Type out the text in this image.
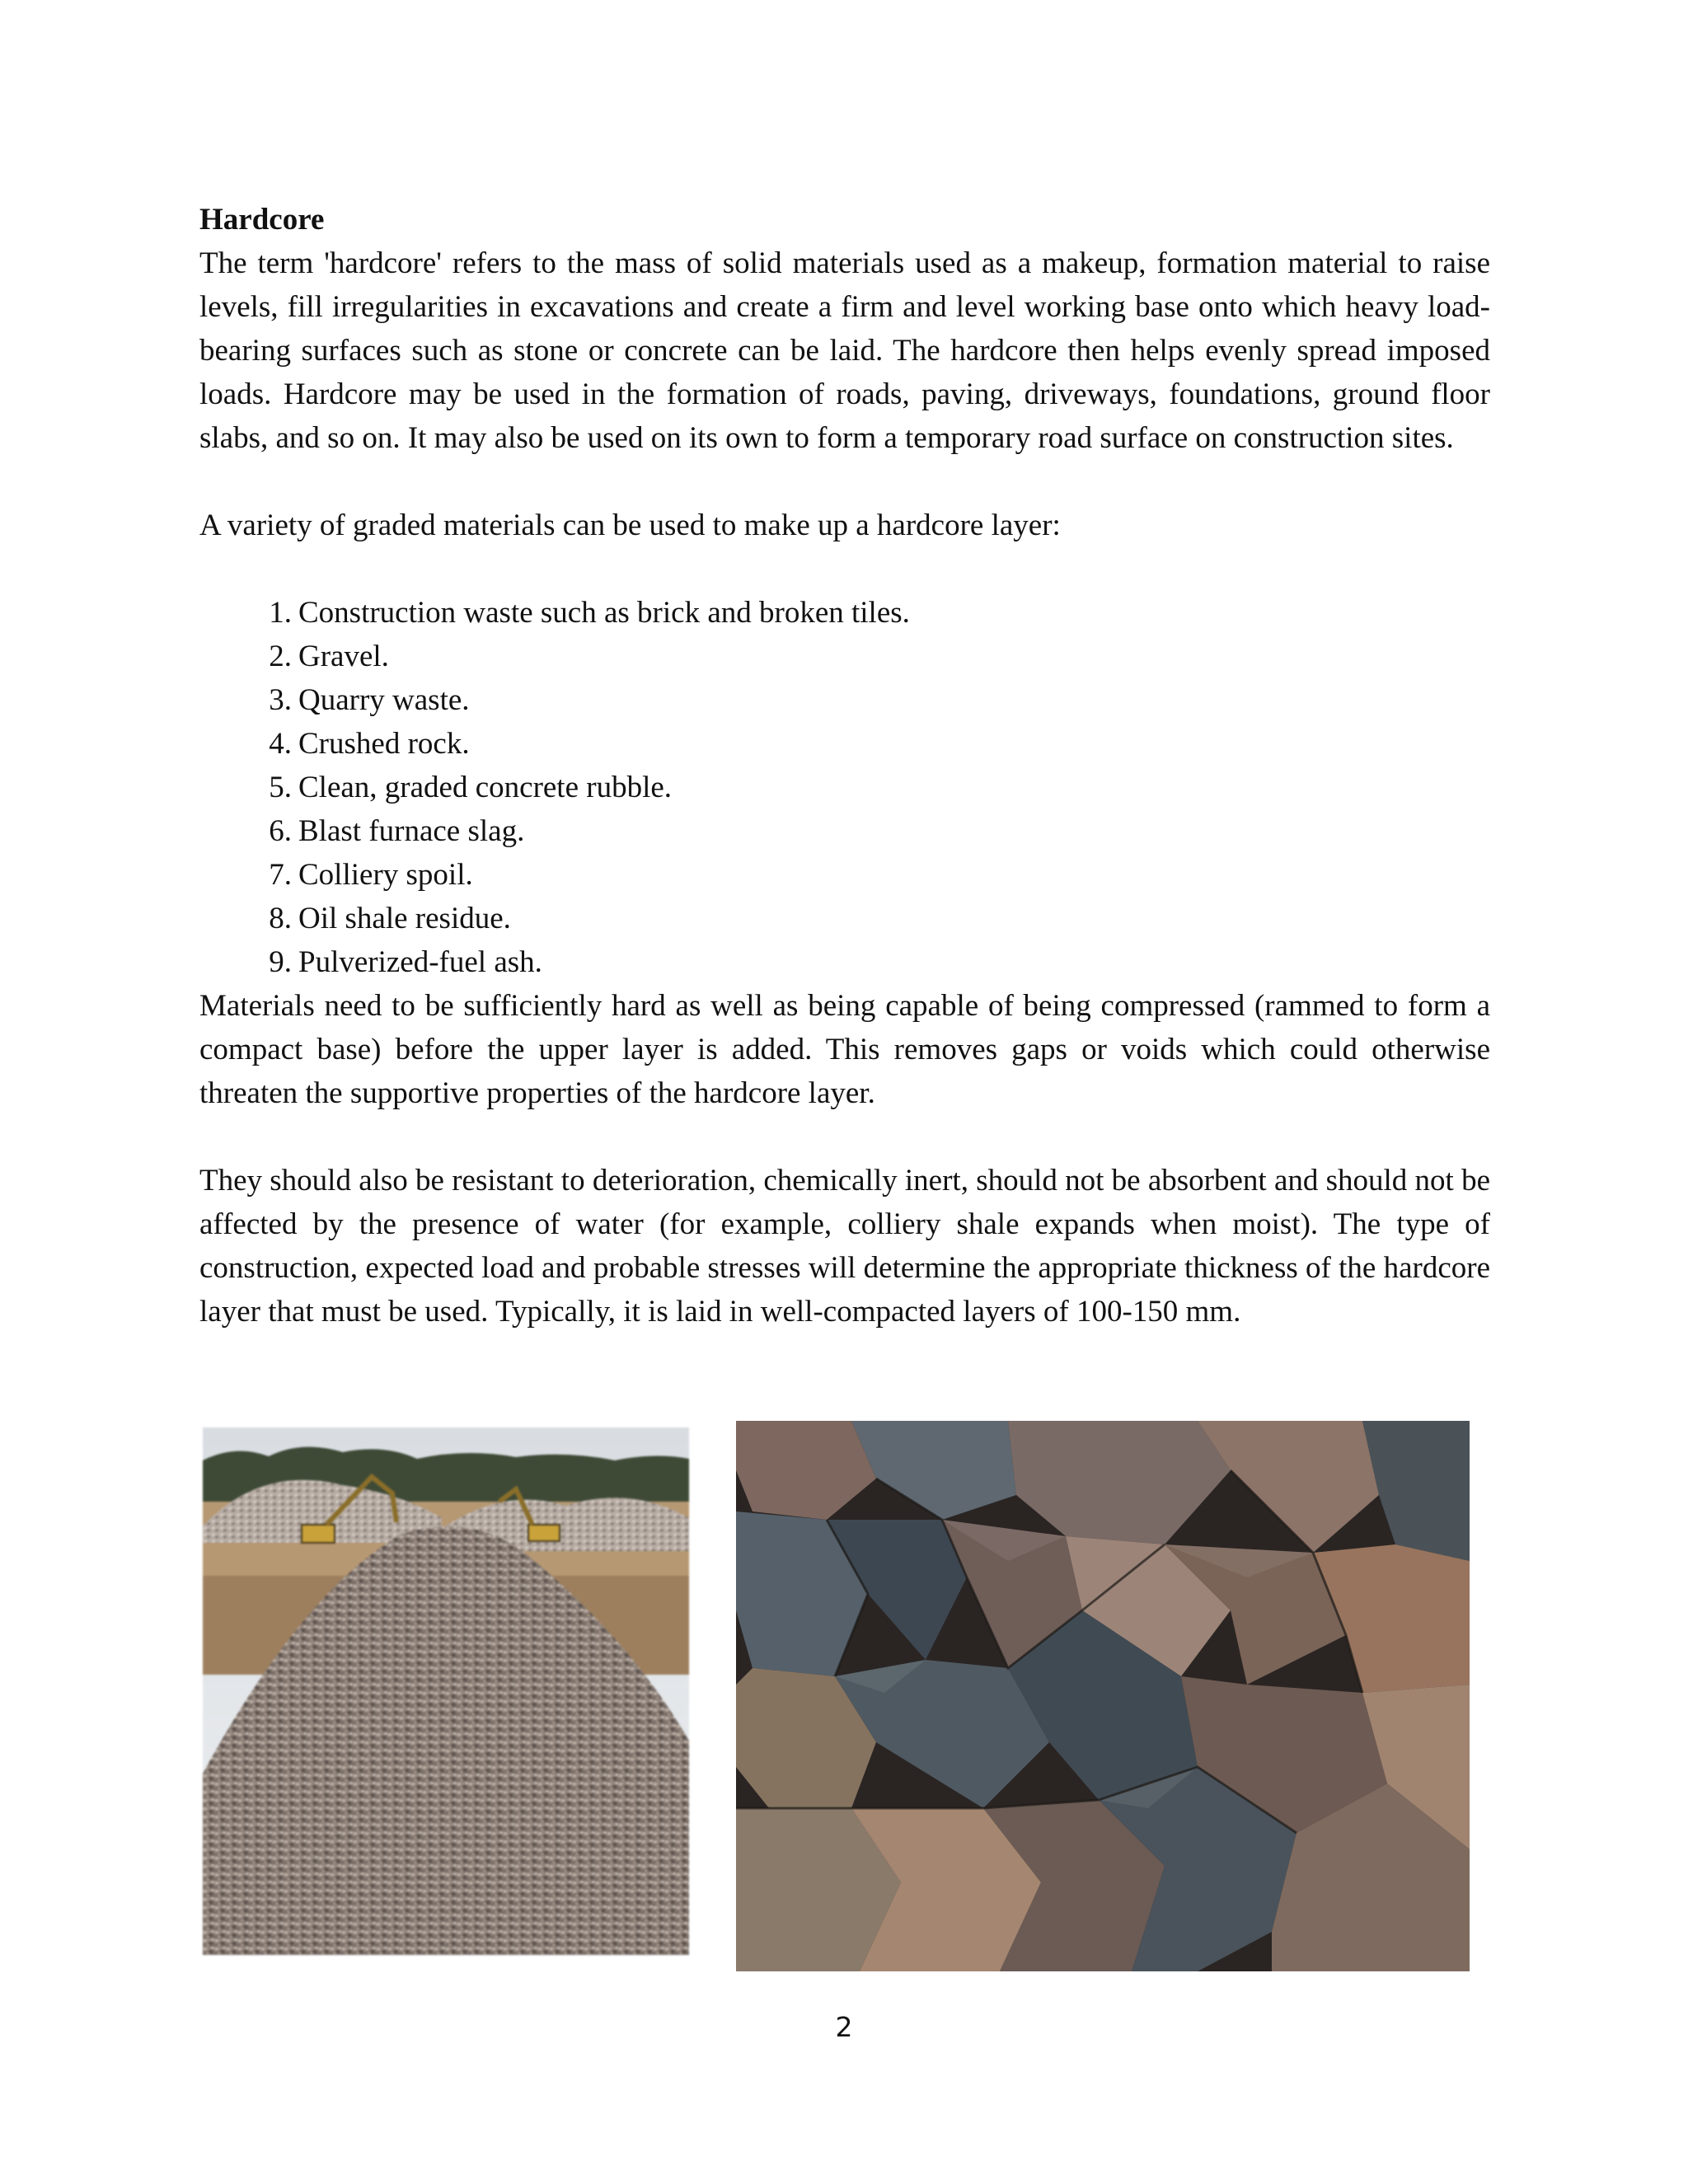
Hardcore

The term 'hardcore' refers to the mass of solid materials used as a makeup, formation material to raise levels, fill irregularities in excavations and create a firm and level working base onto which heavy load-bearing surfaces such as stone or concrete can be laid. The hardcore then helps evenly spread imposed loads. Hardcore may be used in the formation of roads, paving, driveways, foundations, ground floor slabs, and so on. It may also be used on its own to form a temporary road surface on construction sites.

A variety of graded materials can be used to make up a hardcore layer:

1. Construction waste such as brick and broken tiles.
2. Gravel.
3. Quarry waste.
4. Crushed rock.
5. Clean, graded concrete rubble.
6. Blast furnace slag.
7. Colliery spoil.
8. Oil shale residue.
9. Pulverized-fuel ash.

Materials need to be sufficiently hard as well as being capable of being compressed (rammed to form a compact base) before the upper layer is added. This removes gaps or voids which could otherwise threaten the supportive properties of the hardcore layer.

They should also be resistant to deterioration, chemically inert, should not be absorbent and should not be affected by the presence of water (for example, colliery shale expands when moist). The type of construction, expected load and probable stresses will determine the appropriate thickness of the hardcore layer that must be used. Typically, it is laid in well-compacted layers of 100-150 mm.

2
